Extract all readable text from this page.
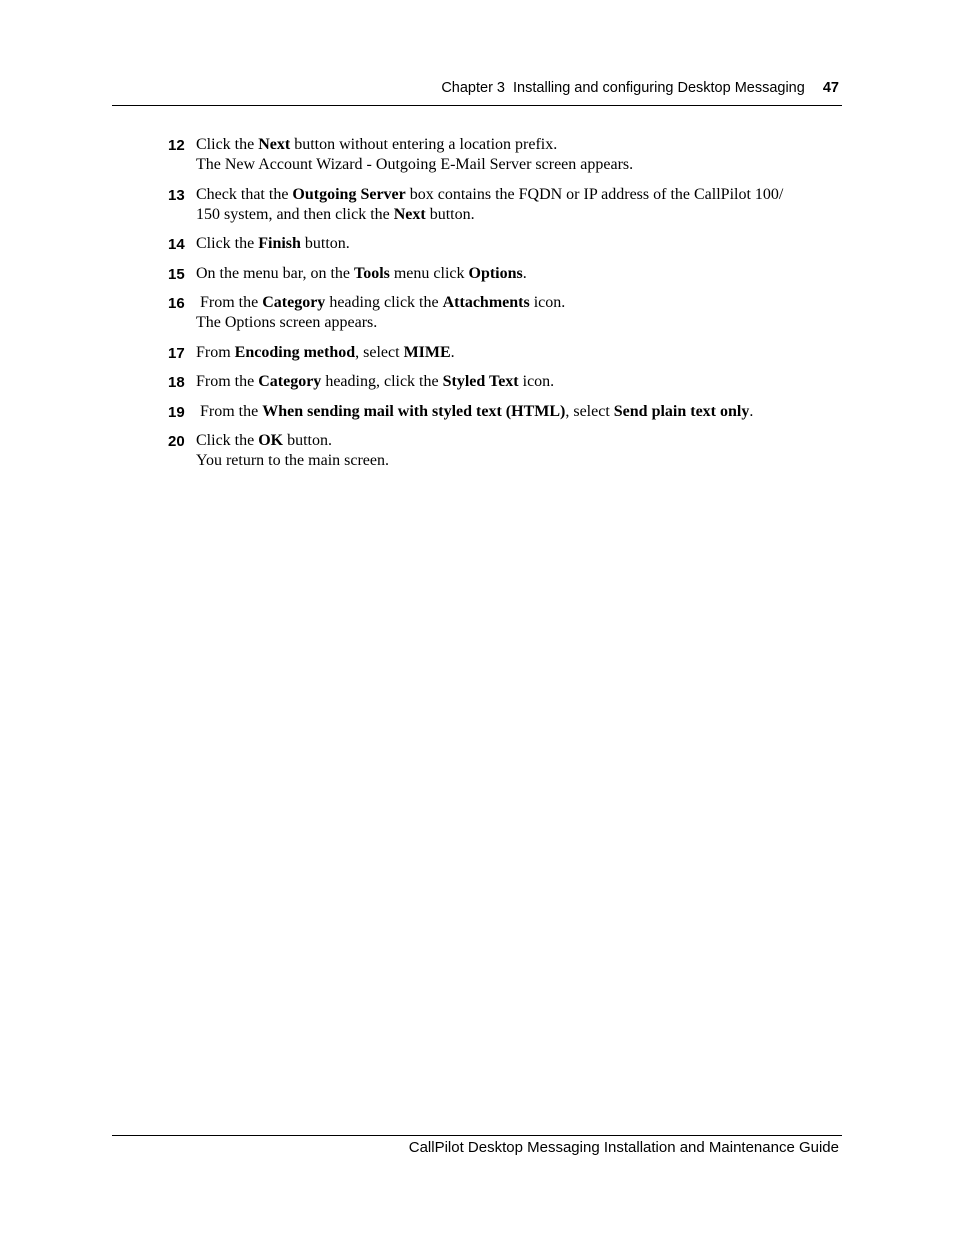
Chapter 3 Installing and configuring Desktop Messaging 47
12 Click the Next button without entering a location prefix.
The New Account Wizard - Outgoing E-Mail Server screen appears.
13 Check that the Outgoing Server box contains the FQDN or IP address of the CallPilot 100/
150 system, and then click the Next button.
14 Click the Finish button.
15 On the menu bar, on the Tools menu click Options.
16 From the Category heading click the Attachments icon.
The Options screen appears.
17 From Encoding method, select MIME.
18 From the Category heading, click the Styled Text icon.
19 From the When sending mail with styled text (HTML), select Send plain text only.
20 Click the OK button.
You return to the main screen.
CallPilot Desktop Messaging Installation and Maintenance Guide
